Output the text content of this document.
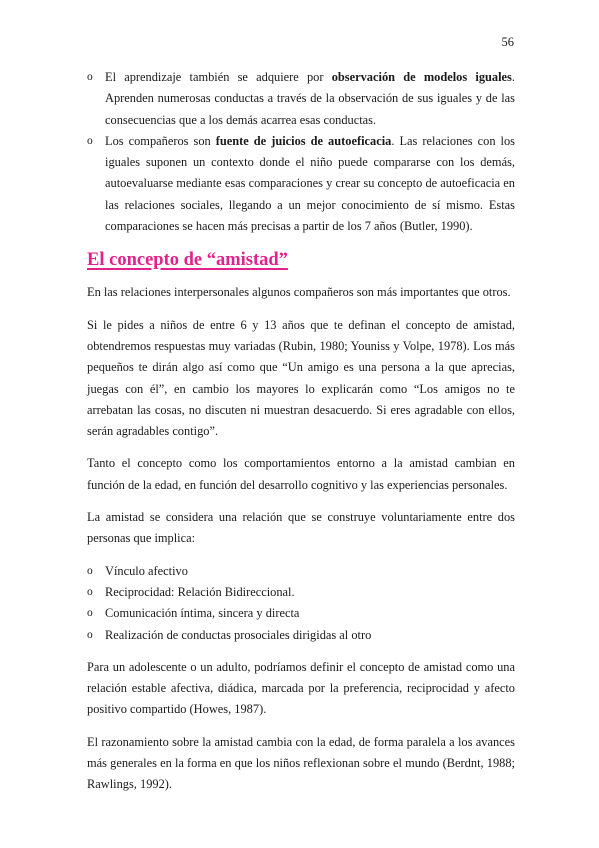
56
o El aprendizaje también se adquiere por observación de modelos iguales. Aprenden numerosas conductas a través de la observación de sus iguales y de las consecuencias que a los demás acarrea esas conductas.
o Los compañeros son fuente de juicios de autoeficacia. Las relaciones con los iguales suponen un contexto donde el niño puede compararse con los demás, autoevaluarse mediante esas comparaciones y crear su concepto de autoeficacia en las relaciones sociales, llegando a un mejor conocimiento de sí mismo. Estas comparaciones se hacen más precisas a partir de los 7 años (Butler, 1990).
El concepto de “amistad”

En las relaciones interpersonales algunos compañeros son más importantes que otros.

Si le pides a niños de entre 6 y 13 años que te definan el concepto de amistad, obtendremos respuestas muy variadas (Rubin, 1980; Youniss y Volpe, 1978). Los más pequeños te dirán algo así como que “Un amigo es una persona a la que aprecias, juegas con él”, en cambio los mayores lo explicarán como “Los amigos no te arrebatan las cosas, no discuten ni muestran desacuerdo. Si eres agradable con ellos, serán agradables contigo”.

Tanto el concepto como los comportamientos entorno a la amistad cambian en función de la edad, en función del desarrollo cognitivo y las experiencias personales.

La amistad se considera una relación que se construye voluntariamente entre dos personas que implica:

o Vínculo afectivo
o Reciprocidad: Relación Bidireccional.
o Comunicación íntima, sincera y directa
o Realización de conductas prosociales dirigidas al otro

Para un adolescente o un adulto, podríamos definir el concepto de amistad como una relación estable afectiva, diádica, marcada por la preferencia, reciprocidad y afecto positivo compartido (Howes, 1987).

El razonamiento sobre la amistad cambia con la edad, de forma paralela a los avances más generales en la forma en que los niños reflexionan sobre el mundo (Berdnt, 1988; Rawlings, 1992).
